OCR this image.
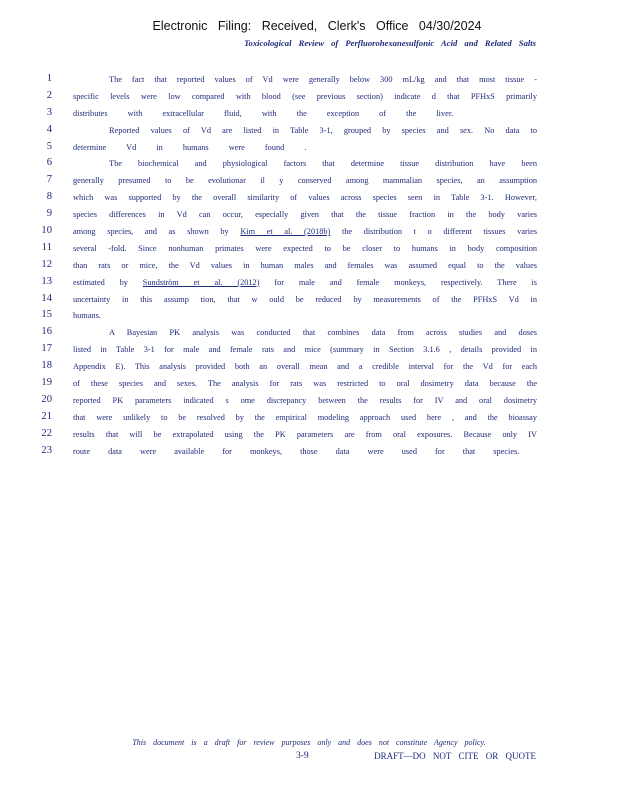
Electronic Filing: Received, Clerk's Office 04/30/2024
Toxicological Review of Perfluorohexanesulfonic Acid and Related Salts
1	The fact that reported values of Vd were generally below 300 mL/kg and that most tissue -
2	specific levels were low compared with blood (see previous section) indicate d that PFHxS primarily
3	distributes with extracellular fluid, with the exception of the liver.
4	Reported values of Vd are listed in Table 3-1, grouped by species and sex. No data to
5	determine Vd in humans were found .
6	The biochemical and physiological factors that determine tissue distribution have been
7	generally presumed to be evolutionar il y conserved among mammalian species, an assumption
8	which was supported by the overall similarity of values across species seen in Table 3-1. However,
9	species differences in Vd can occur, especially given that the tissue fraction in the body varies
10	among species, and as shown by Kim et al. (2018b) the distribution t o different tissues varies
11	several -fold. Since nonhuman primates were expected to be closer to humans in body composition
12	than rats or mice, the Vd values in human males and females was assumed equal to the values
13	estimated by Sundström et al. (2012) for male and female monkeys, respectively. There is
14	uncertainty in this assump tion, that w ould be reduced by measurements of the PFHxS Vd in
15	humans.
16	A Bayesian PK analysis was conducted that combines data from across studies and doses
17	listed in Table 3-1 for male and female rats and mice (summary in Section 3.1.6 , details provided in
18	Appendix E). This analysis provided both an overall mean and a credible interval for the Vd for each
19	of these species and sexes. The analysis for rats was restricted to oral dosimetry data because the
20	reported PK parameters indicated s ome discrepancy between the results for IV and oral dosimetry
21	that were unlikely to be resolved by the empirical modeling approach used here , and the bioassay
22	results that will be extrapolated using the PK parameters are from oral exposures. Because only IV
23	route data were available for monkeys, those data were used for that species.
This document is a draft for review purposes only and does not constitute Agency policy.
3-9	DRAFT—DO NOT CITE OR QUOTE
